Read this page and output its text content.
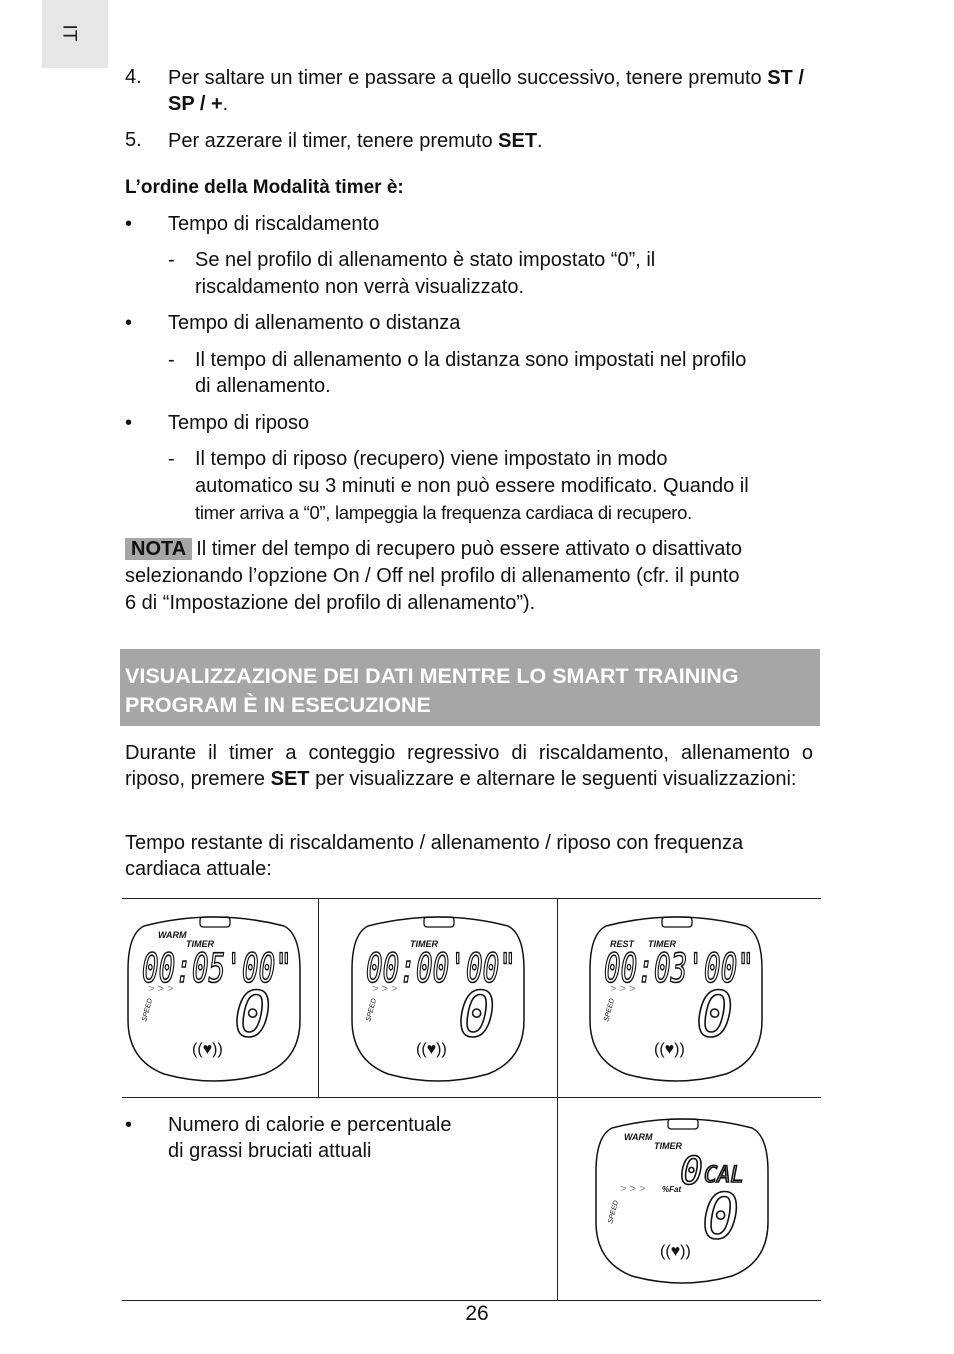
IT
4. Per saltare un timer e passare a quello successivo, tenere premuto ST / SP / +.
5. Per azzerare il timer, tenere premuto SET.
L’ordine della Modalità timer è:
• Tempo di riscaldamento
- Se nel profilo di allenamento è stato impostato “0”, il
riscaldamento non verrà visualizzato.
• Tempo di allenamento o distanza
- Il tempo di allenamento o la distanza sono impostati nel profilo
di allenamento.
• Tempo di riposo
- Il tempo di riposo (recupero) viene impostato in modo
automatico su 3 minuti e non può essere modificato. Quando il
timer arriva a “0”, lampeggia la frequenza cardiaca di recupero.
NOTA Il timer del tempo di recupero può essere attivato o disattivato
selezionando l’opzione On / Off nel profilo di allenamento (cfr. il punto
6 di “Impostazione del profilo di allenamento”).
VISUALIZZAZIONE DEI DATI MENTRE LO SMART TRAINING
PROGRAM È IN ESECUZIONE
Durante il timer a conteggio regressivo di riscaldamento, allenamento o riposo, premere SET per visualizzare e alternare le seguenti visualizzazioni:
Tempo restante di riscaldamento / allenamento / riposo con frequenza cardiaca attuale:
WARM
TIMER
00:05'00"
> > >
SPEED 0
((♥))
TIMER
00:00'00"
> > >
SPEED 0
((♥))
REST TIMER
00:03'00"
> > >
SPEED 0
((♥))
• Numero di calorie e percentuale
di grassi bruciati attuali
WARM
TIMER
0 CAL
> > > %Fat
SPEED 0
((♥))
26
